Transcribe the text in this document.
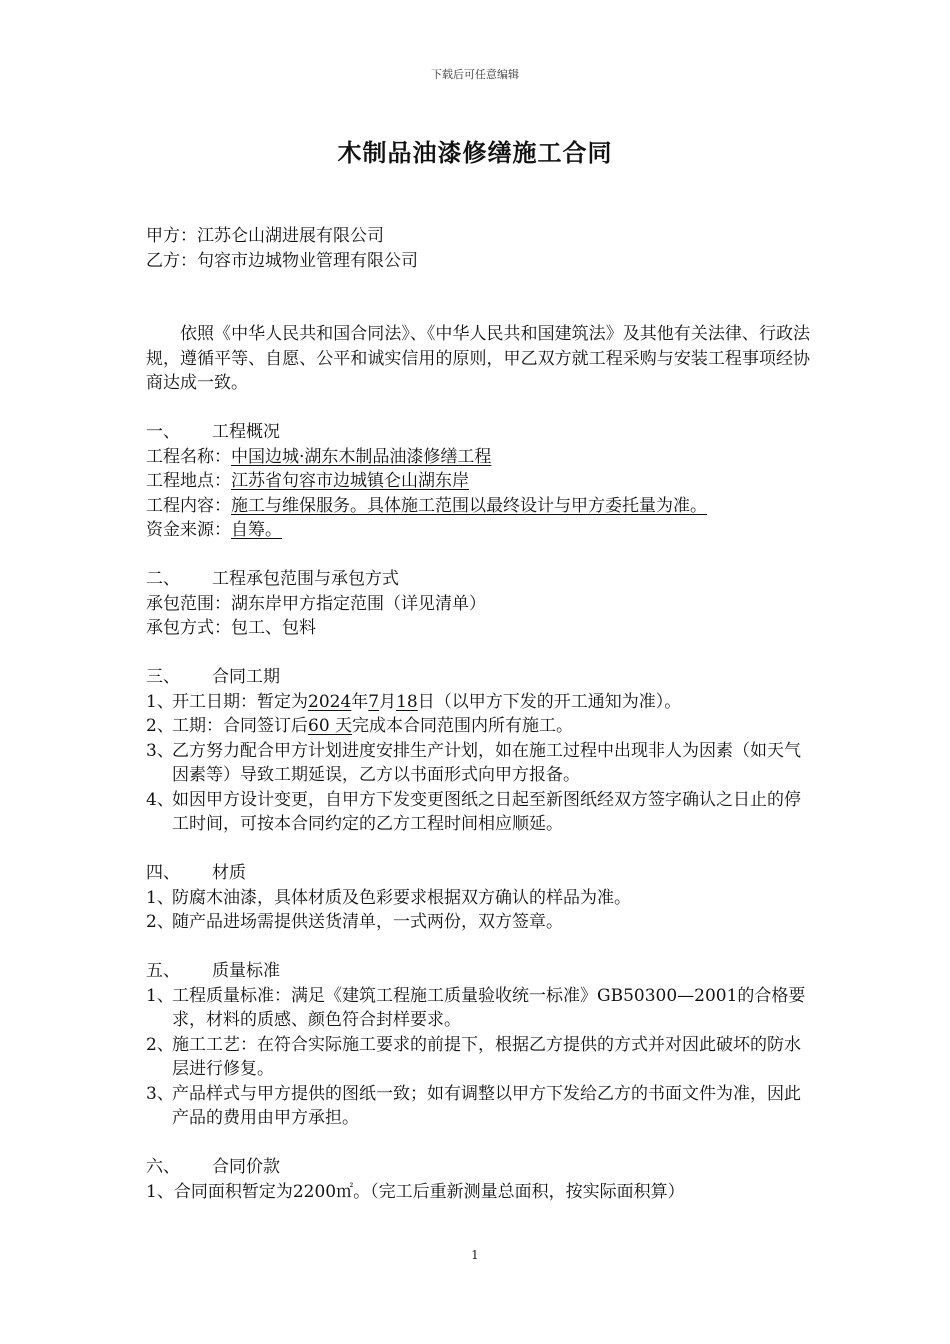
下载后可任意编辑
木制品油漆修缮施工合同
甲方：江苏仑山湖进展有限公司
乙方：句容市边城物业管理有限公司
依照《中华人民共和国合同法》、《中华人民共和国建筑法》及其他有关法律、行政法规，遵循平等、自愿、公平和诚实信用的原则，甲乙双方就工程采购与安装工程事项经协商达成一致。
一、 工程概况
工程名称：中国边城·湖东木制品油漆修缮工程
工程地点：江苏省句容市边城镇仑山湖东岸
工程内容：施工与维保服务。具体施工范围以最终设计与甲方委托量为准。
资金来源：自筹。
二、 工程承包范围与承包方式
承包范围：湖东岸甲方指定范围（详见清单）
承包方式：包工、包料
三、 合同工期
1、
开工日期：暂定为2024年7月18日（以甲方下发的开工通知为准）。
2、
工期：合同签订后60 天完成本合同范围内所有施工。
3、
乙方努力配合甲方计划进度安排生产计划，如在施工过程中出现非人为因素（如天气因素等）导致工期延误，乙方以书面形式向甲方报备。
4、
如因甲方设计变更，自甲方下发变更图纸之日起至新图纸经双方签字确认之日止的停工时间，可按本合同约定的乙方工程时间相应顺延。
四、 材质
1、
防腐木油漆，具体材质及色彩要求根据双方确认的样品为准。
2、
随产品进场需提供送货清单，一式两份，双方签章。
五、 质量标准
1、
工程质量标准：满足《建筑工程施工质量验收统一标准》GB50300—2001的合格要求，材料的质感、颜色符合封样要求。
2、
施工工艺：在符合实际施工要求的前提下，根据乙方提供的方式并对因此破坏的防水层进行修复。
3、
产品样式与甲方提供的图纸一致；如有调整以甲方下发给乙方的书面文件为准，因此产品的费用由甲方承担。
六、 合同价款
1、合同面积暂定为2200㎡。（完工后重新测量总面积，按实际面积算）
1
